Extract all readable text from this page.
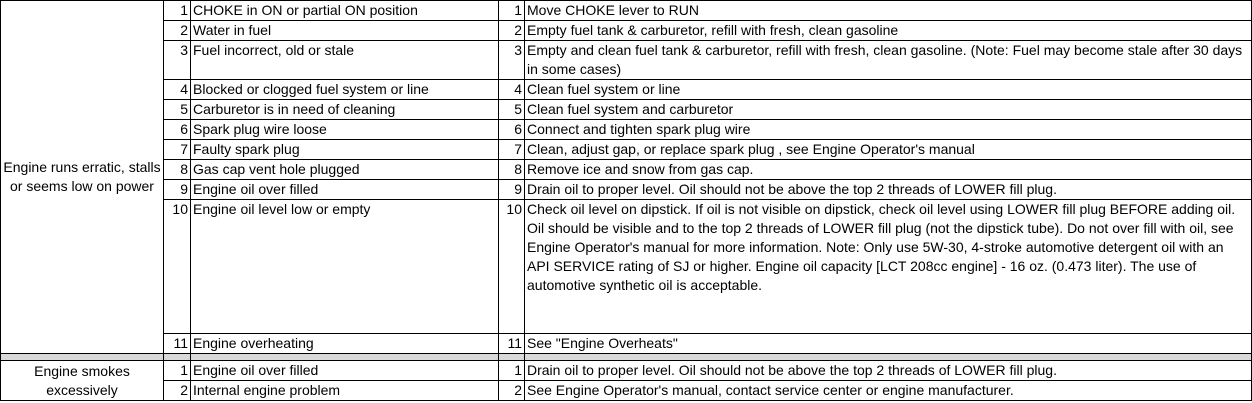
Engine runs erratic, stalls or seems low on power	1	CHOKE in ON or partial ON position	1	Move CHOKE lever to RUN
	2	Water in fuel	2	Empty fuel tank & carburetor, refill with fresh, clean gasoline
	3	Fuel incorrect, old or stale	3	Empty and clean fuel tank & carburetor, refill with fresh, clean gasoline. (Note: Fuel may become stale after 30 days in some cases)
	4	Blocked or clogged fuel system or line	4	Clean fuel system or line
	5	Carburetor is in need of cleaning	5	Clean fuel system and carburetor
	6	Spark plug wire loose	6	Connect and tighten spark plug wire
	7	Faulty spark plug	7	Clean, adjust gap, or replace spark plug , see Engine Operator's manual
	8	Gas cap vent hole plugged	8	Remove ice and snow from gas cap.
	9	Engine oil over filled	9	Drain oil to proper level. Oil should not be above the top 2 threads of LOWER fill plug.
	10	Engine oil level low or empty	10	Check oil level on dipstick. If oil is not visible on dipstick, check oil level using LOWER fill plug BEFORE adding oil. Oil should be visible and to the top 2 threads of LOWER fill plug (not the dipstick tube). Do not over fill with oil, see Engine Operator's manual for more information. Note: Only use 5W-30, 4-stroke automotive detergent oil with an API SERVICE rating of SJ or higher. Engine oil capacity [LCT 208cc engine] - 16 oz. (0.473 liter). The use of automotive synthetic oil is acceptable.
	11	Engine overheating	11	See "Engine Overheats"

Engine smokes excessively	1	Engine oil over filled	1	Drain oil to proper level. Oil should not be above the top 2 threads of LOWER fill plug.
	2	Internal engine problem	2	See Engine Operator's manual, contact service center or engine manufacturer.
